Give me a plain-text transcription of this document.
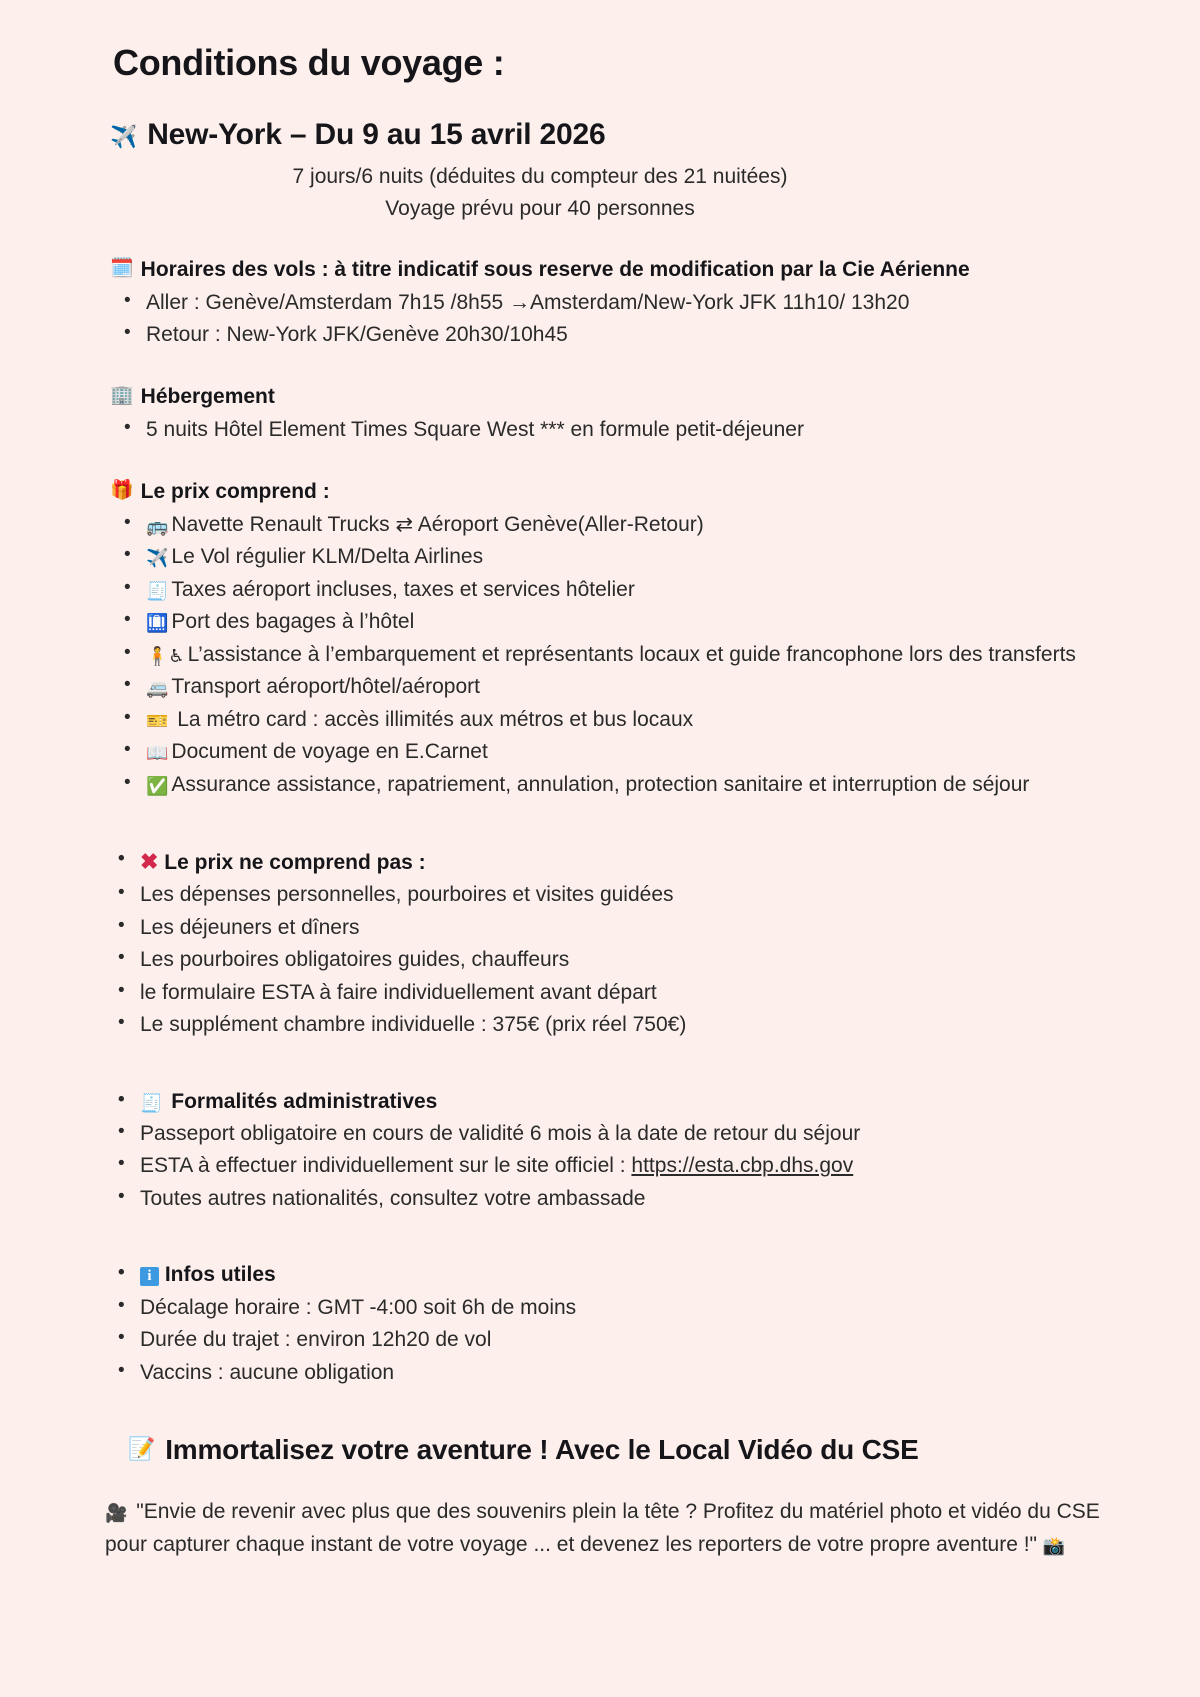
Conditions du voyage :
✈️ New-York – Du 9 au 15 avril 2026

7 jours/6 nuits (déduites du compteur des 21 nuitées)

Voyage prévu pour 40 personnes

🗓️ Horaires des vols : à titre indicatif sous reserve de modification par la Cie Aérienne
• Aller : Genève/Amsterdam 7h15 /8h55 →Amsterdam/New-York JFK 11h10/ 13h20
• Retour : New-York JFK/Genève 20h30/10h45
🏢 Hébergement
• 5 nuits Hôtel Element Times Square West *** en formule petit-déjeuner
🎁 Le prix comprend :
• 🚌 Navette Renault Trucks ⇄ Aéroport Genève(Aller-Retour)
• ✈️ Le Vol régulier KLM/Delta Airlines
• 🧾 Taxes aéroport incluses, taxes et services hôtelier
• 🛄 Port des bagages à l’hôtel
• 🧍♿ L’assistance à l’embarquement et représentants locaux et guide francophone lors des transferts
• 🚐 Transport aéroport/hôtel/aéroport
• 🎫 La métro card : accès illimités aux métros et bus locaux
• 📖 Document de voyage en E.Carnet
• ✅ Assurance assistance, rapatriement, annulation, protection sanitaire et interruption de séjour
• ✖ Le prix ne comprend pas :
• Les dépenses personnelles, pourboires et visites guidées
• Les déjeuners et dîners
• Les pourboires obligatoires guides, chauffeurs
• le formulaire ESTA à faire individuellement avant départ
• Le supplément chambre individuelle : 375€ (prix réel 750€)
• 🧾 Formalités administratives
• Passeport obligatoire en cours de validité 6 mois à la date de retour du séjour
• ESTA à effectuer individuellement sur le site officiel : https://esta.cbp.dhs.gov
• Toutes autres nationalités, consultez votre ambassade
• i Infos utiles
• Décalage horaire : GMT -4:00 soit 6h de moins
• Durée du trajet : environ 12h20 de vol
• Vaccins : aucune obligation
📝 Immortalisez votre aventure ! Avec le Local Vidéo du CSE

🎥 "Envie de revenir avec plus que des souvenirs plein la tête ? Profitez du matériel photo et vidéo du CSE pour capturer chaque instant de votre voyage ... et devenez les reporters de votre propre aventure !" 📸
